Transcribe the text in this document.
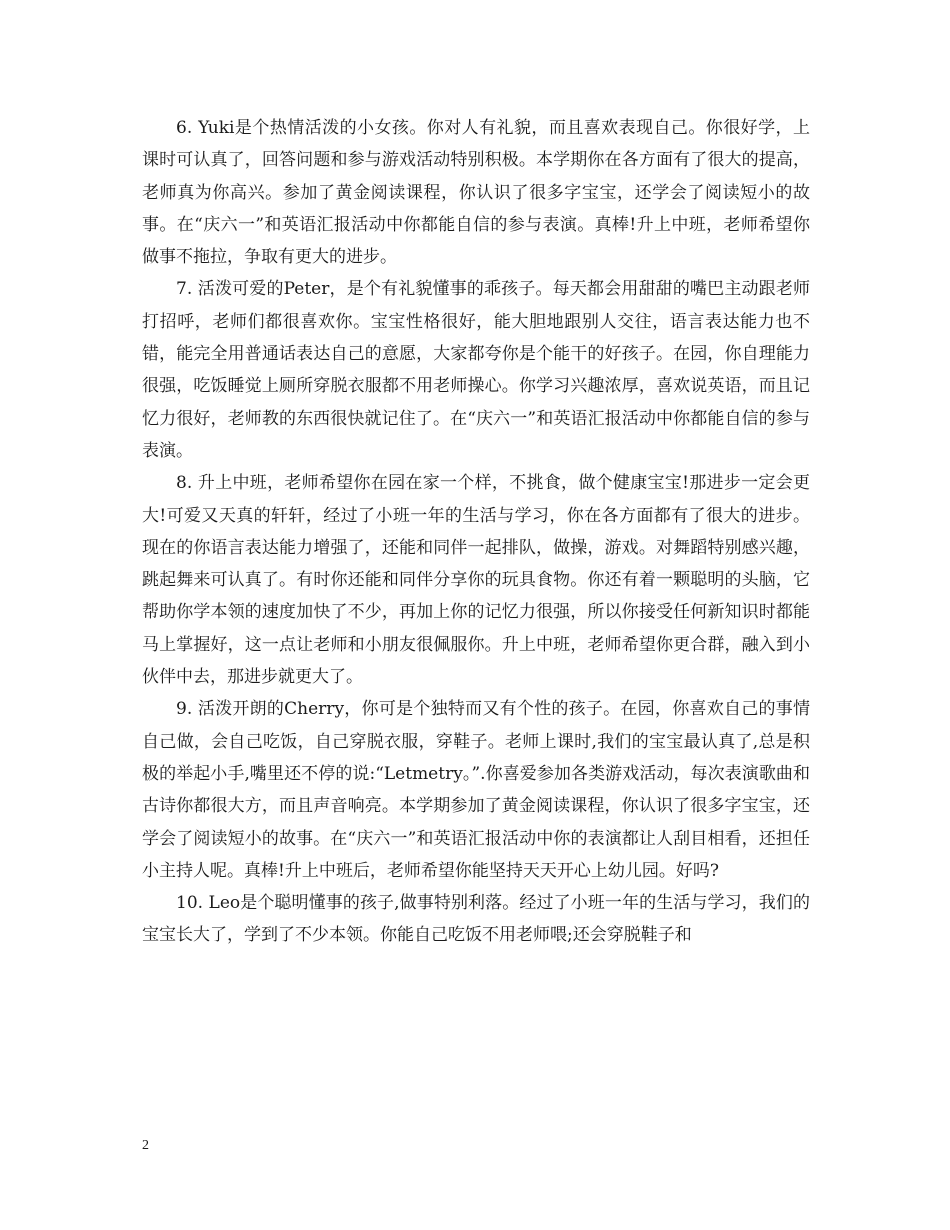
6. Yuki是个热情活泼的小女孩。你对人有礼貌，而且喜欢表现自己。你很好学，上课时可认真了，回答问题和参与游戏活动特别积极。本学期你在各方面有了很大的提高，老师真为你高兴。参加了黄金阅读课程，你认识了很多字宝宝，还学会了阅读短小的故事。在“庆六一”和英语汇报活动中你都能自信的参与表演。真棒!升上中班，老师希望你做事不拖拉，争取有更大的进步。

7. 活泼可爱的Peter，是个有礼貌懂事的乖孩子。每天都会用甜甜的嘴巴主动跟老师打招呼，老师们都很喜欢你。宝宝性格很好，能大胆地跟别人交往，语言表达能力也不错，能完全用普通话表达自己的意愿，大家都夸你是个能干的好孩子。在园，你自理能力很强，吃饭睡觉上厕所穿脱衣服都不用老师操心。你学习兴趣浓厚，喜欢说英语，而且记忆力很好，老师教的东西很快就记住了。在“庆六一”和英语汇报活动中你都能自信的参与表演。

8. 升上中班，老师希望你在园在家一个样，不挑食，做个健康宝宝!那进步一定会更大!可爱又天真的轩轩，经过了小班一年的生活与学习，你在各方面都有了很大的进步。现在的你语言表达能力增强了，还能和同伴一起排队，做操，游戏。对舞蹈特别感兴趣，跳起舞来可认真了。有时你还能和同伴分享你的玩具食物。你还有着一颗聪明的头脑，它帮助你学本领的速度加快了不少，再加上你的记忆力很强，所以你接受任何新知识时都能马上掌握好，这一点让老师和小朋友很佩服你。升上中班，老师希望你更合群，融入到小伙伴中去，那进步就更大了。

9. 活泼开朗的Cherry，你可是个独特而又有个性的孩子。在园，你喜欢自己的事情自己做，会自己吃饭，自己穿脱衣服，穿鞋子。老师上课时,我们的宝宝最认真了,总是积极的举起小手,嘴里还不停的说:“Letmetry。”.你喜爱参加各类游戏活动，每次表演歌曲和古诗你都很大方，而且声音响亮。本学期参加了黄金阅读课程，你认识了很多字宝宝，还学会了阅读短小的故事。在“庆六一”和英语汇报活动中你的表演都让人刮目相看，还担任小主持人呢。真棒!升上中班后，老师希望你能坚持天天开心上幼儿园。好吗?

10. Leo是个聪明懂事的孩子,做事特别利落。经过了小班一年的生活与学习，我们的宝宝长大了，学到了不少本领。你能自己吃饭不用老师喂;还会穿脱鞋子和

2
